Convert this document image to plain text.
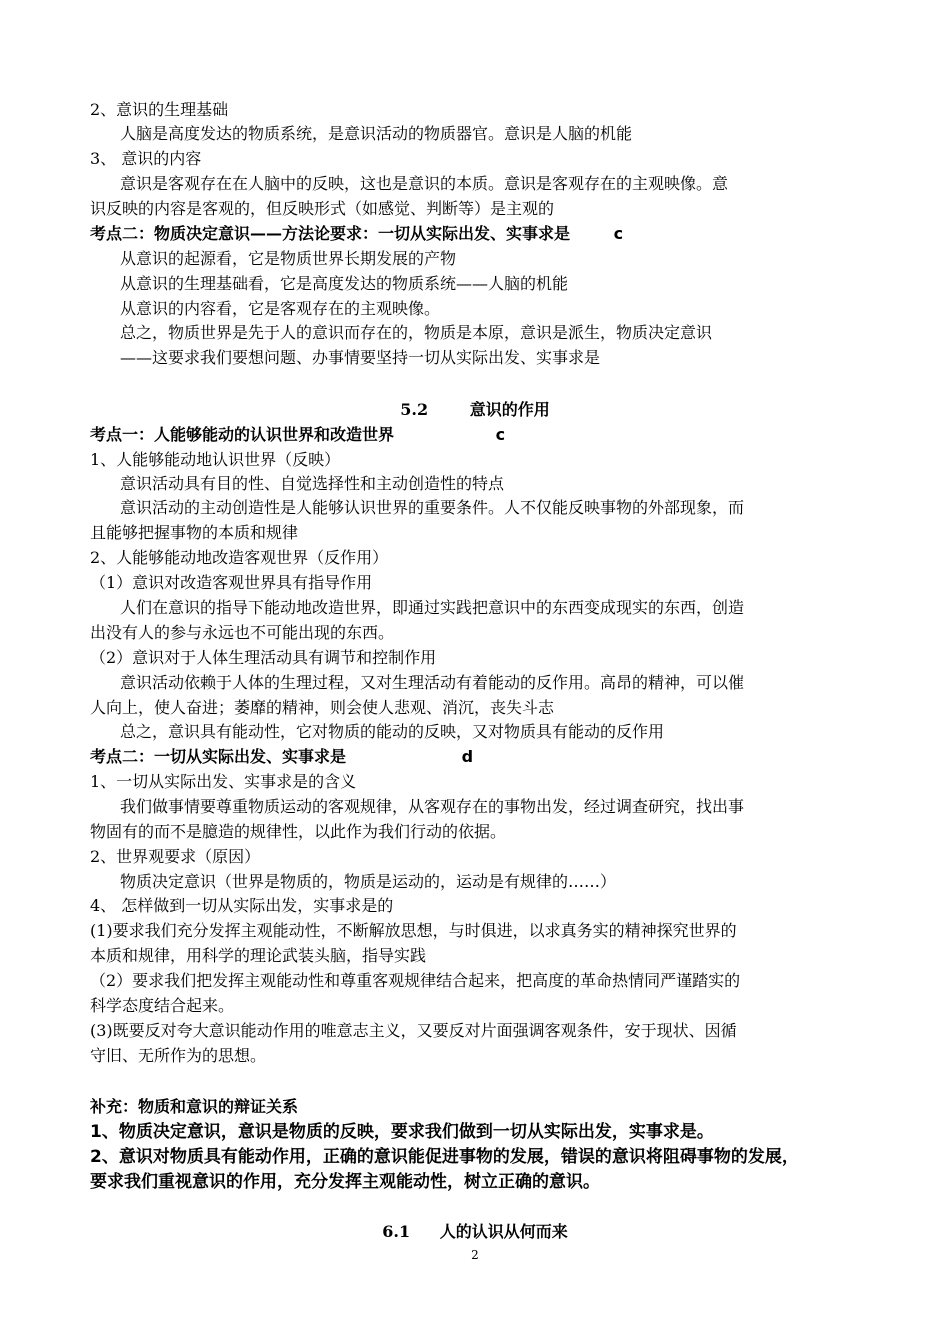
2、意识的生理基础
人脑是高度发达的物质系统，是意识活动的物质器官。意识是人脑的机能
3、 意识的内容
意识是客观存在在人脑中的反映，这也是意识的本质。意识是客观存在的主观映像。意
识反映的内容是客观的，但反映形式（如感觉、判断等）是主观的
考点二：物质决定意识——方法论要求：一切从实际出发、实事求是	c
从意识的起源看，它是物质世界长期发展的产物
从意识的生理基础看，它是高度发达的物质系统——人脑的机能
从意识的内容看，它是客观存在的主观映像。
总之，物质世界是先于人的意识而存在的，物质是本原，意识是派生，物质决定意识
——这要求我们要想问题、办事情要坚持一切从实际出发、实事求是
5.2	意识的作用
考点一：人能够能动的认识世界和改造世界	c
1、人能够能动地认识世界（反映）
意识活动具有目的性、自觉选择性和主动创造性的特点
意识活动的主动创造性是人能够认识世界的重要条件。人不仅能反映事物的外部现象，而
且能够把握事物的本质和规律
2、人能够能动地改造客观世界（反作用）
（1）意识对改造客观世界具有指导作用
人们在意识的指导下能动地改造世界，即通过实践把意识中的东西变成现实的东西，创造
出没有人的参与永远也不可能出现的东西。
（2）意识对于人体生理活动具有调节和控制作用
意识活动依赖于人体的生理过程，又对生理活动有着能动的反作用。高昂的精神，可以催
人向上，使人奋进；萎靡的精神，则会使人悲观、消沉，丧失斗志
总之，意识具有能动性，它对物质的能动的反映，又对物质具有能动的反作用
考点二：一切从实际出发、实事求是	d
1、一切从实际出发、实事求是的含义
我们做事情要尊重物质运动的客观规律，从客观存在的事物出发，经过调查研究，找出事
物固有的而不是臆造的规律性，以此作为我们行动的依据。
2、世界观要求（原因）
物质决定意识（世界是物质的，物质是运动的，运动是有规律的……）
4、 怎样做到一切从实际出发，实事求是的
(1)要求我们充分发挥主观能动性，不断解放思想，与时俱进，以求真务实的精神探究世界的
本质和规律，用科学的理论武装头脑，指导实践
（2）要求我们把发挥主观能动性和尊重客观规律结合起来，把高度的革命热情同严谨踏实的
科学态度结合起来。
(3)既要反对夸大意识能动作用的唯意志主义，又要反对片面强调客观条件，安于现状、因循
守旧、无所作为的思想。
补充：物质和意识的辩证关系
1、物质决定意识，意识是物质的反映，要求我们做到一切从实际出发，实事求是。
2、意识对物质具有能动作用，正确的意识能促进事物的发展，错误的意识将阻碍事物的发展，
要求我们重视意识的作用，充分发挥主观能动性，树立正确的意识。
6.1 人的认识从何而来
2
